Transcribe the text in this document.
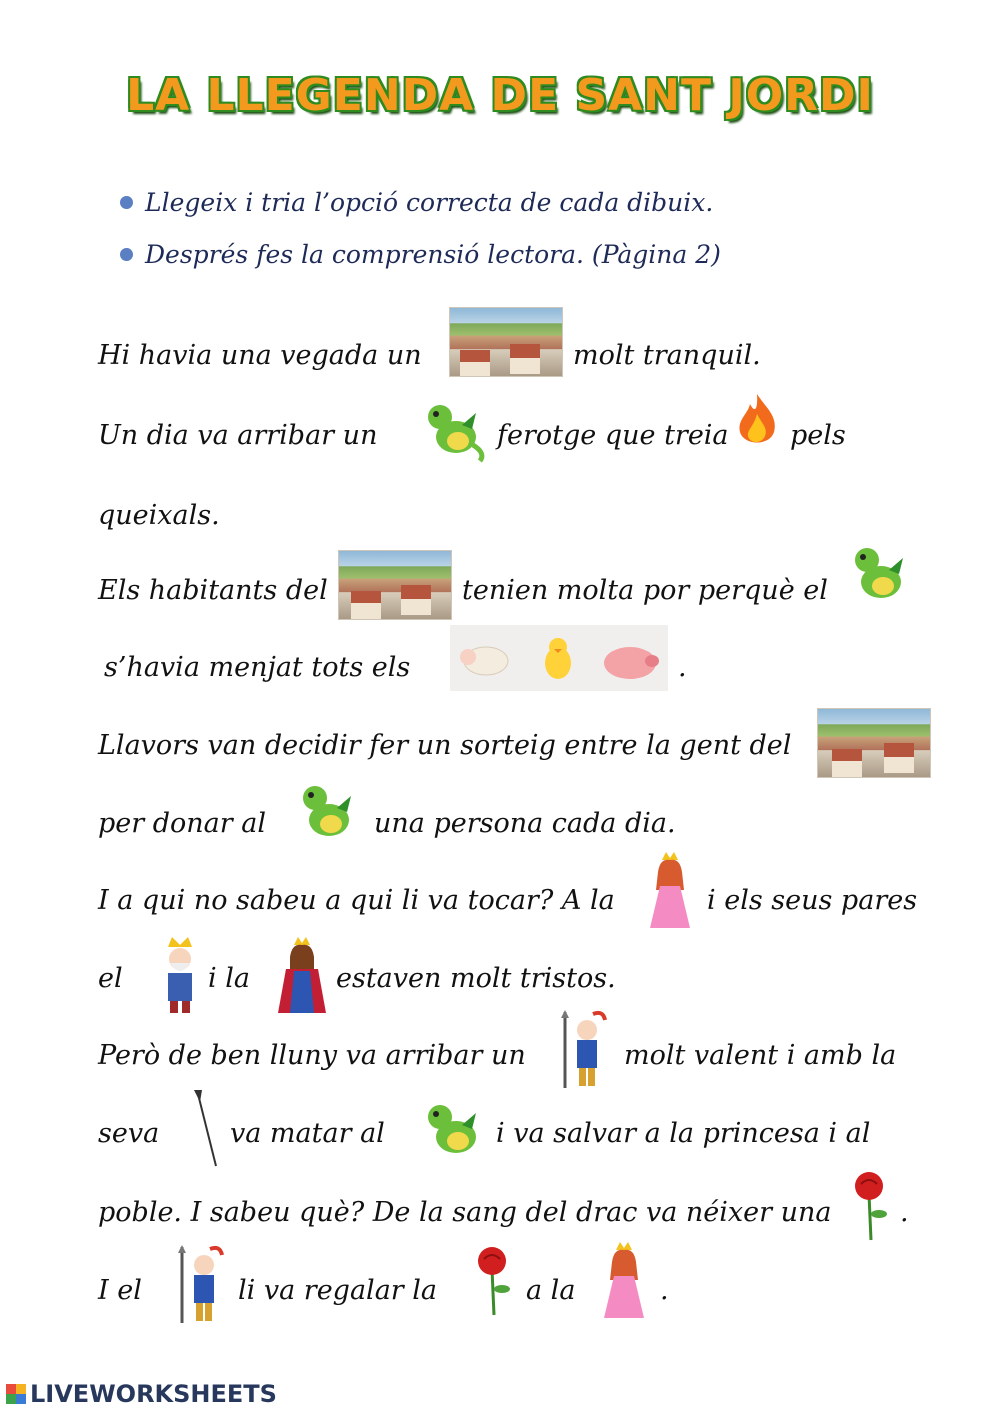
LA LLEGENDA DE SANT JORDI
Llegeix i tria l’opció correcta de cada dibuix.
Després fes la comprensió lectora. (Pàgina 2)
Hi havia una vegada un	molt tranquil.
Un dia va arribar un	ferotge que treia pels
queixals.
Els habitants del	tenien molta por perquè el
s’havia menjat tots els	.
Llavors van decidir fer un sorteig entre la gent del
per donar al	una persona cada dia.
I a qui no sabeu a qui li va tocar? A la	i els seus pares
el	i la	estaven molt tristos.
Però de ben lluny va arribar un	molt valent i amb la
seva	va matar al	i va salvar a la princesa i al
poble. I sabeu què? De la sang del drac va néixer una	.
I el	li va regalar la	a la	.
LIVEWORKSHEETS
